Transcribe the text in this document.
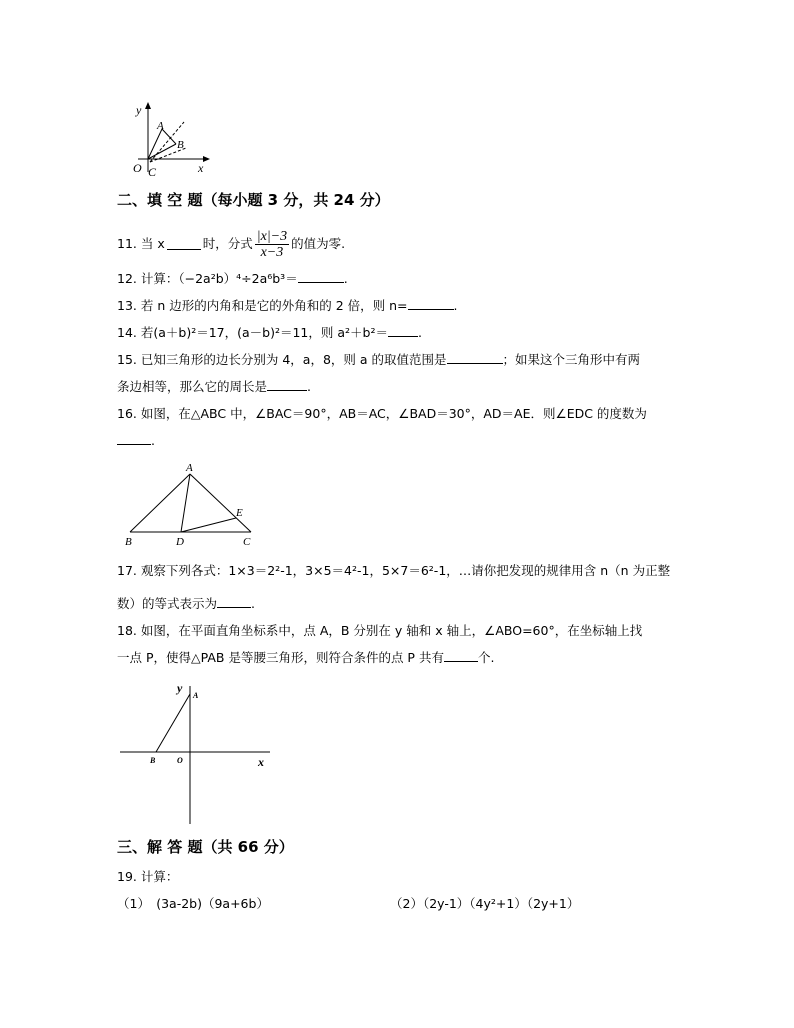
y
x
O C
A
B
二、填 空 题（每小题 3 分，共 24 分）
11. 当 x	时，分式 $\frac{|x|-3}{x-3}$ 的值为零.
12. 计算：（−2a²b）⁴÷2a⁶b³＝	.
13. 若 n 边形的内角和是它的外角和的 2 倍，则 n=	.
14. 若(a＋b)²＝17，(a－b)²＝11，则 a²＋b²＝ .
15. 已知三角形的边长分别为 4，a，8，则 a 的取值范围是	；如果这个三角形中有两
条边相等，那么它的周长是	.
16. 如图，在△ABC 中，∠BAC＝90°，AB＝AC，∠BAD＝30°，AD＝AE．则∠EDC 的度数为
.
A
B	D	C
E
17. 观察下列各式：1×3＝2²-1，3×5＝4²-1，5×7＝6²-1，…请你把发现的规律用含 n（n 为正整
数）的等式表示为	.
18. 如图，在平面直角坐标系中，点 A，B 分别在 y 轴和 x 轴上，∠ABO=60°，在坐标轴上找
一点 P，使得△PAB 是等腰三角形，则符合条件的点 P 共有	个.
y
A
B	O	x
三、解 答 题（共 66 分）
19. 计算：
（1）　(3a-2b)（9a+6b）	（2）（2y-1）（4y²+1）（2y+1）
